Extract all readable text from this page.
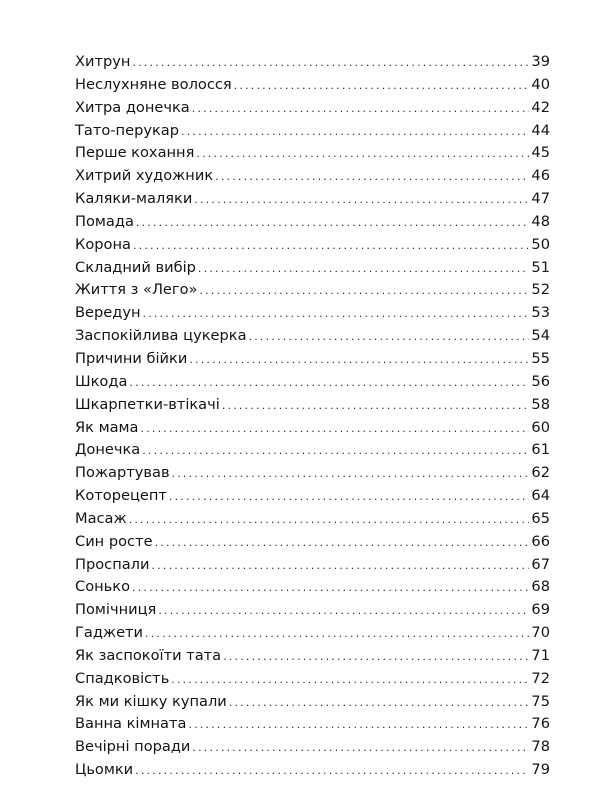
Хитрун . . .	39
Неслухняне волосся . . .	40
Хитра донечка . . .	42
Тато-перукар . . .	44
Перше кохання . . .	45
Хитрий художник . . .	46
Каляки-маляки . . .	47
Помада . . .	48
Корона . . .	50
Складний вибір . . .	51
Життя з «Лего» . . .	52
Вередун . . .	53
Заспокійлива цукерка . . .	54
Причини бійки . . .	55
Шкода . . .	56
Шкарпетки-втікачі . . .	58
Як мама . . .	60
Донечка . . .	61
Пожартував . . .	62
Которецепт . . .	64
Масаж . . .	65
Син росте . . .	66
Проспали . . .	67
Сонько . . .	68
Помічниця . . .	69
Гаджети . . .	70
Як заспокоїти тата . . .	71
Спадковість . . .	72
Як ми кішку купали . . .	75
Ванна кімната . . .	76
Вечірні поради . . .	78
Цьомки . . .	79
